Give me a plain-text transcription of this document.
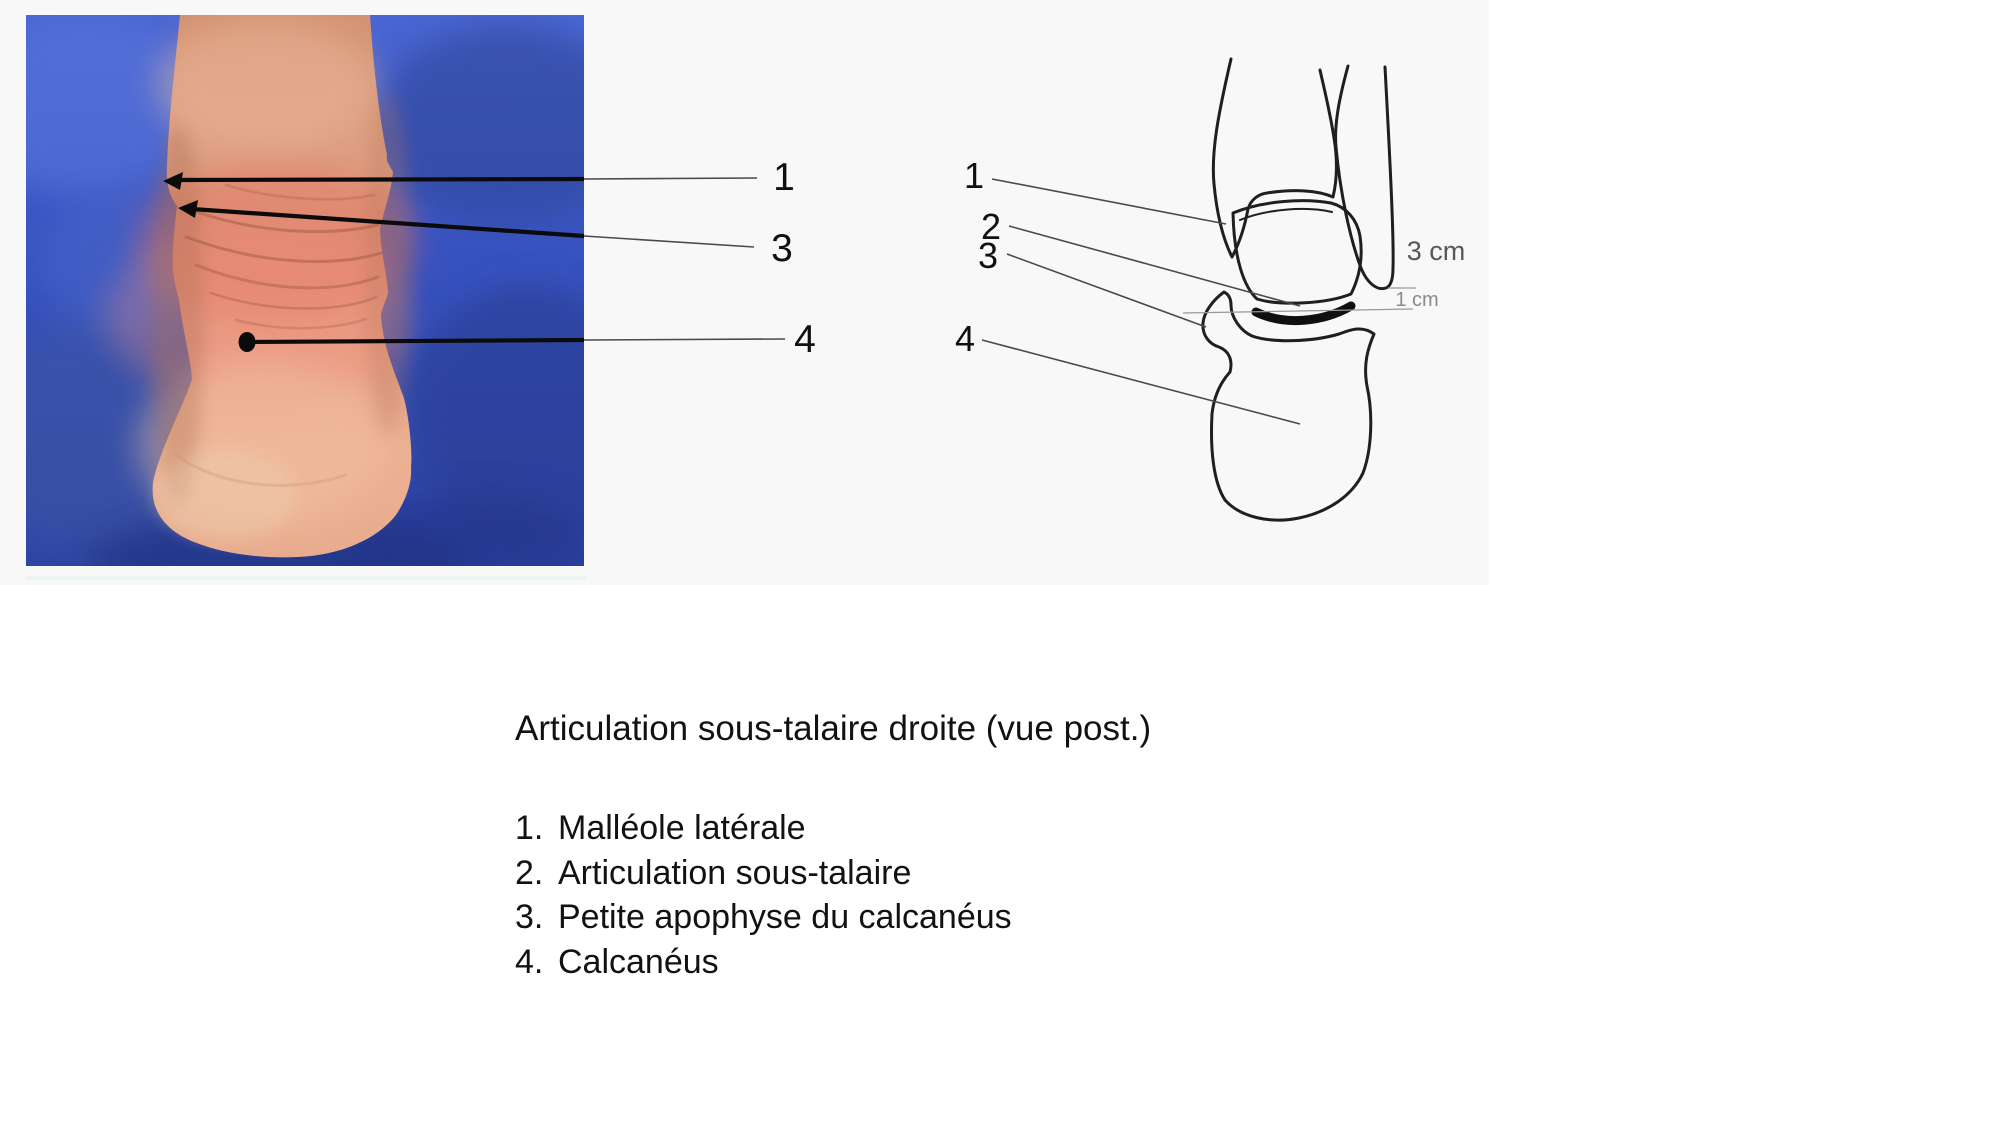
1
3
4
1
2
3
4
3 cm
1 cm
Articulation sous-talaire droite (vue post.)
1. Malléole latérale
2. Articulation sous-talaire
3. Petite apophyse du calcanéus
4. Calcanéus
